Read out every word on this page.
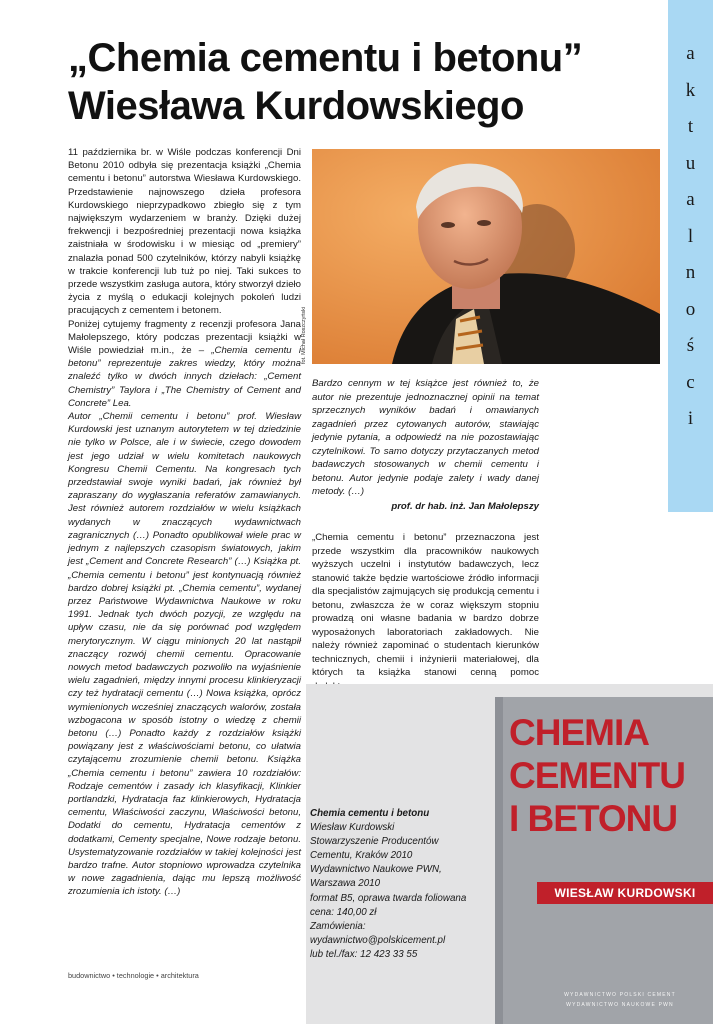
„Chemia cementu i betonu”
Wiesława Kurdowskiego
a
k
t
u
a
l
n
o
ś
c
i

11 października br. w Wiśle podczas konferencji Dni Betonu 2010 odbyła się prezentacja książki „Chemia cementu i betonu” autorstwa Wiesława Kurdowskiego. Przedstawienie najnowszego dzieła profesora Kurdowskiego nieprzypadkowo zbiegło się z tym największym wydarzeniem w branży. Dzięki dużej frekwencji i bezpośredniej prezentacji nowa książka zaistniała w środowisku i w miesiąc od „premiery” znalazła ponad 500 czytelników, którzy nabyli książkę w trakcie konferencji lub tuż po niej. Taki sukces to przede wszystkim zasługa autora, który stworzył dzieło życia z myślą o edukacji kolejnych pokoleń ludzi pracujących z cementem i betonem.

Poniżej cytujemy fragmenty z recenzji profesora Jana Małolepszego, który podczas prezentacji książki w Wiśle powiedział m.in., że – „Chemia cementu i betonu” reprezentuje zakres wiedzy, który można znaleźć tylko w dwóch innych dziełach: „Cement Chemistry” Taylora i „The Chemistry of Cement and Concrete” Lea.

Autor „Chemii cementu i betonu” prof. Wiesław Kurdowski jest uznanym autorytetem w tej dziedzinie nie tylko w Polsce, ale i w świecie, czego dowodem jest jego udział w wielu komitetach naukowych Kongresu Chemii Cementu. Na kongresach tych przedstawiał swoje wyniki badań, jak również był zapraszany do wygłaszania referatów zamawianych. Jest również autorem rozdziałów w wielu książkach wydanych w znaczących wydawnictwach zagranicznych (…) Ponadto opublikował wiele prac w jednym z najlepszych czasopism światowych, jakim jest „Cement and Concrete Research” (…) Książka pt. „Chemia cementu i betonu” jest kontynuacją również bardzo dobrej książki pt. „Chemia cementu”, wydanej przez Państwowe Wydawnictwa Naukowe w roku 1991. Jednak tych dwóch pozycji, ze względu na upływ czasu, nie da się porównać pod względem merytorycznym. W ciągu minionych 20 lat nastąpił znaczący rozwój chemii cementu. Opracowanie nowych metod badawczych pozwoliło na wyjaśnienie wielu zagadnień, między innymi procesu klinkieryzacji czy też hydratacji cementu (…) Nowa książka, oprócz wymienionych wcześniej znaczących walorów, została wzbogacona w sposób istotny o wiedzę z chemii betonu (…) Ponadto każdy z rozdziałów książki powiązany jest z właściwościami betonu, co ułatwia czytającemu zrozumienie chemii betonu. Książka „Chemia cementu i betonu” zawiera 10 rozdziałów: Rodzaje cementów i zasady ich klasyfikacji, Klinkier portlandzki, Hydratacja faz klinkierowych, Hydratacja cementu, Właściwości zaczynu, Właściwości betonu, Dodatki do cementu, Hydratacja cementów z dodatkami, Cementy specjalne, Nowe rodzaje betonu. Usystematyzowanie rozdziałów w takiej kolejności jest bardzo trafne. Autor stopniowo wprowadza czytelnika w nowe zagadnienia, dając mu lepszą możliwość zrozumienia ich istoty. (…)

fot. Michał Roszczyński
Bardzo cennym w tej książce jest również to, że autor nie prezentuje jednoznacznej opinii na temat sprzecznych wyników badań i omawianych zagadnień przez cytowanych autorów, stawiając jedynie pytania, a odpowiedź na nie pozostawiając czytelnikowi. To samo dotyczy przytaczanych metod badawczych stosowanych w chemii cementu i betonu. Autor jedynie podaje zalety i wady danej metody. (…)
prof. dr hab. inż. Jan Małolepszy
„Chemia cementu i betonu” przeznaczona jest przede wszystkim dla pracowników naukowych wyższych uczelni i instytutów badawczych, lecz stanowić także będzie wartościowe źródło informacji dla specjalistów zajmujących się produkcją cementu i betonu, zwłaszcza że w coraz większym stopniu prowadzą oni własne badania w bardzo dobrze wyposażonych laboratoriach zakładowych. Nie należy również zapominać o studentach kierunków technicznych, chemii i inżynierii materiałowej, dla których ta książka stanowi cenną pomoc
Chemia cementu i betonu
Wiesław Kurdowski
Stowarzyszenie Producentów
Cementu, Kraków 2010
Wydawnictwo Naukowe PWN,
Warszawa 2010
format B5, oprawa twarda foliowana
cena: 140,00 zł
Zamówienia:
wydawnictwo@polskicement.pl
lub tel./fax: 12 423 33 55
CHEMIA
CEMENTU
I BETONU
WIESŁAW KURDOWSKI
WYDAWNICTWO POLSKI CEMENT
WYDAWNICTWO NAUKOWE PWN
budownictwo • technologie • architektura
